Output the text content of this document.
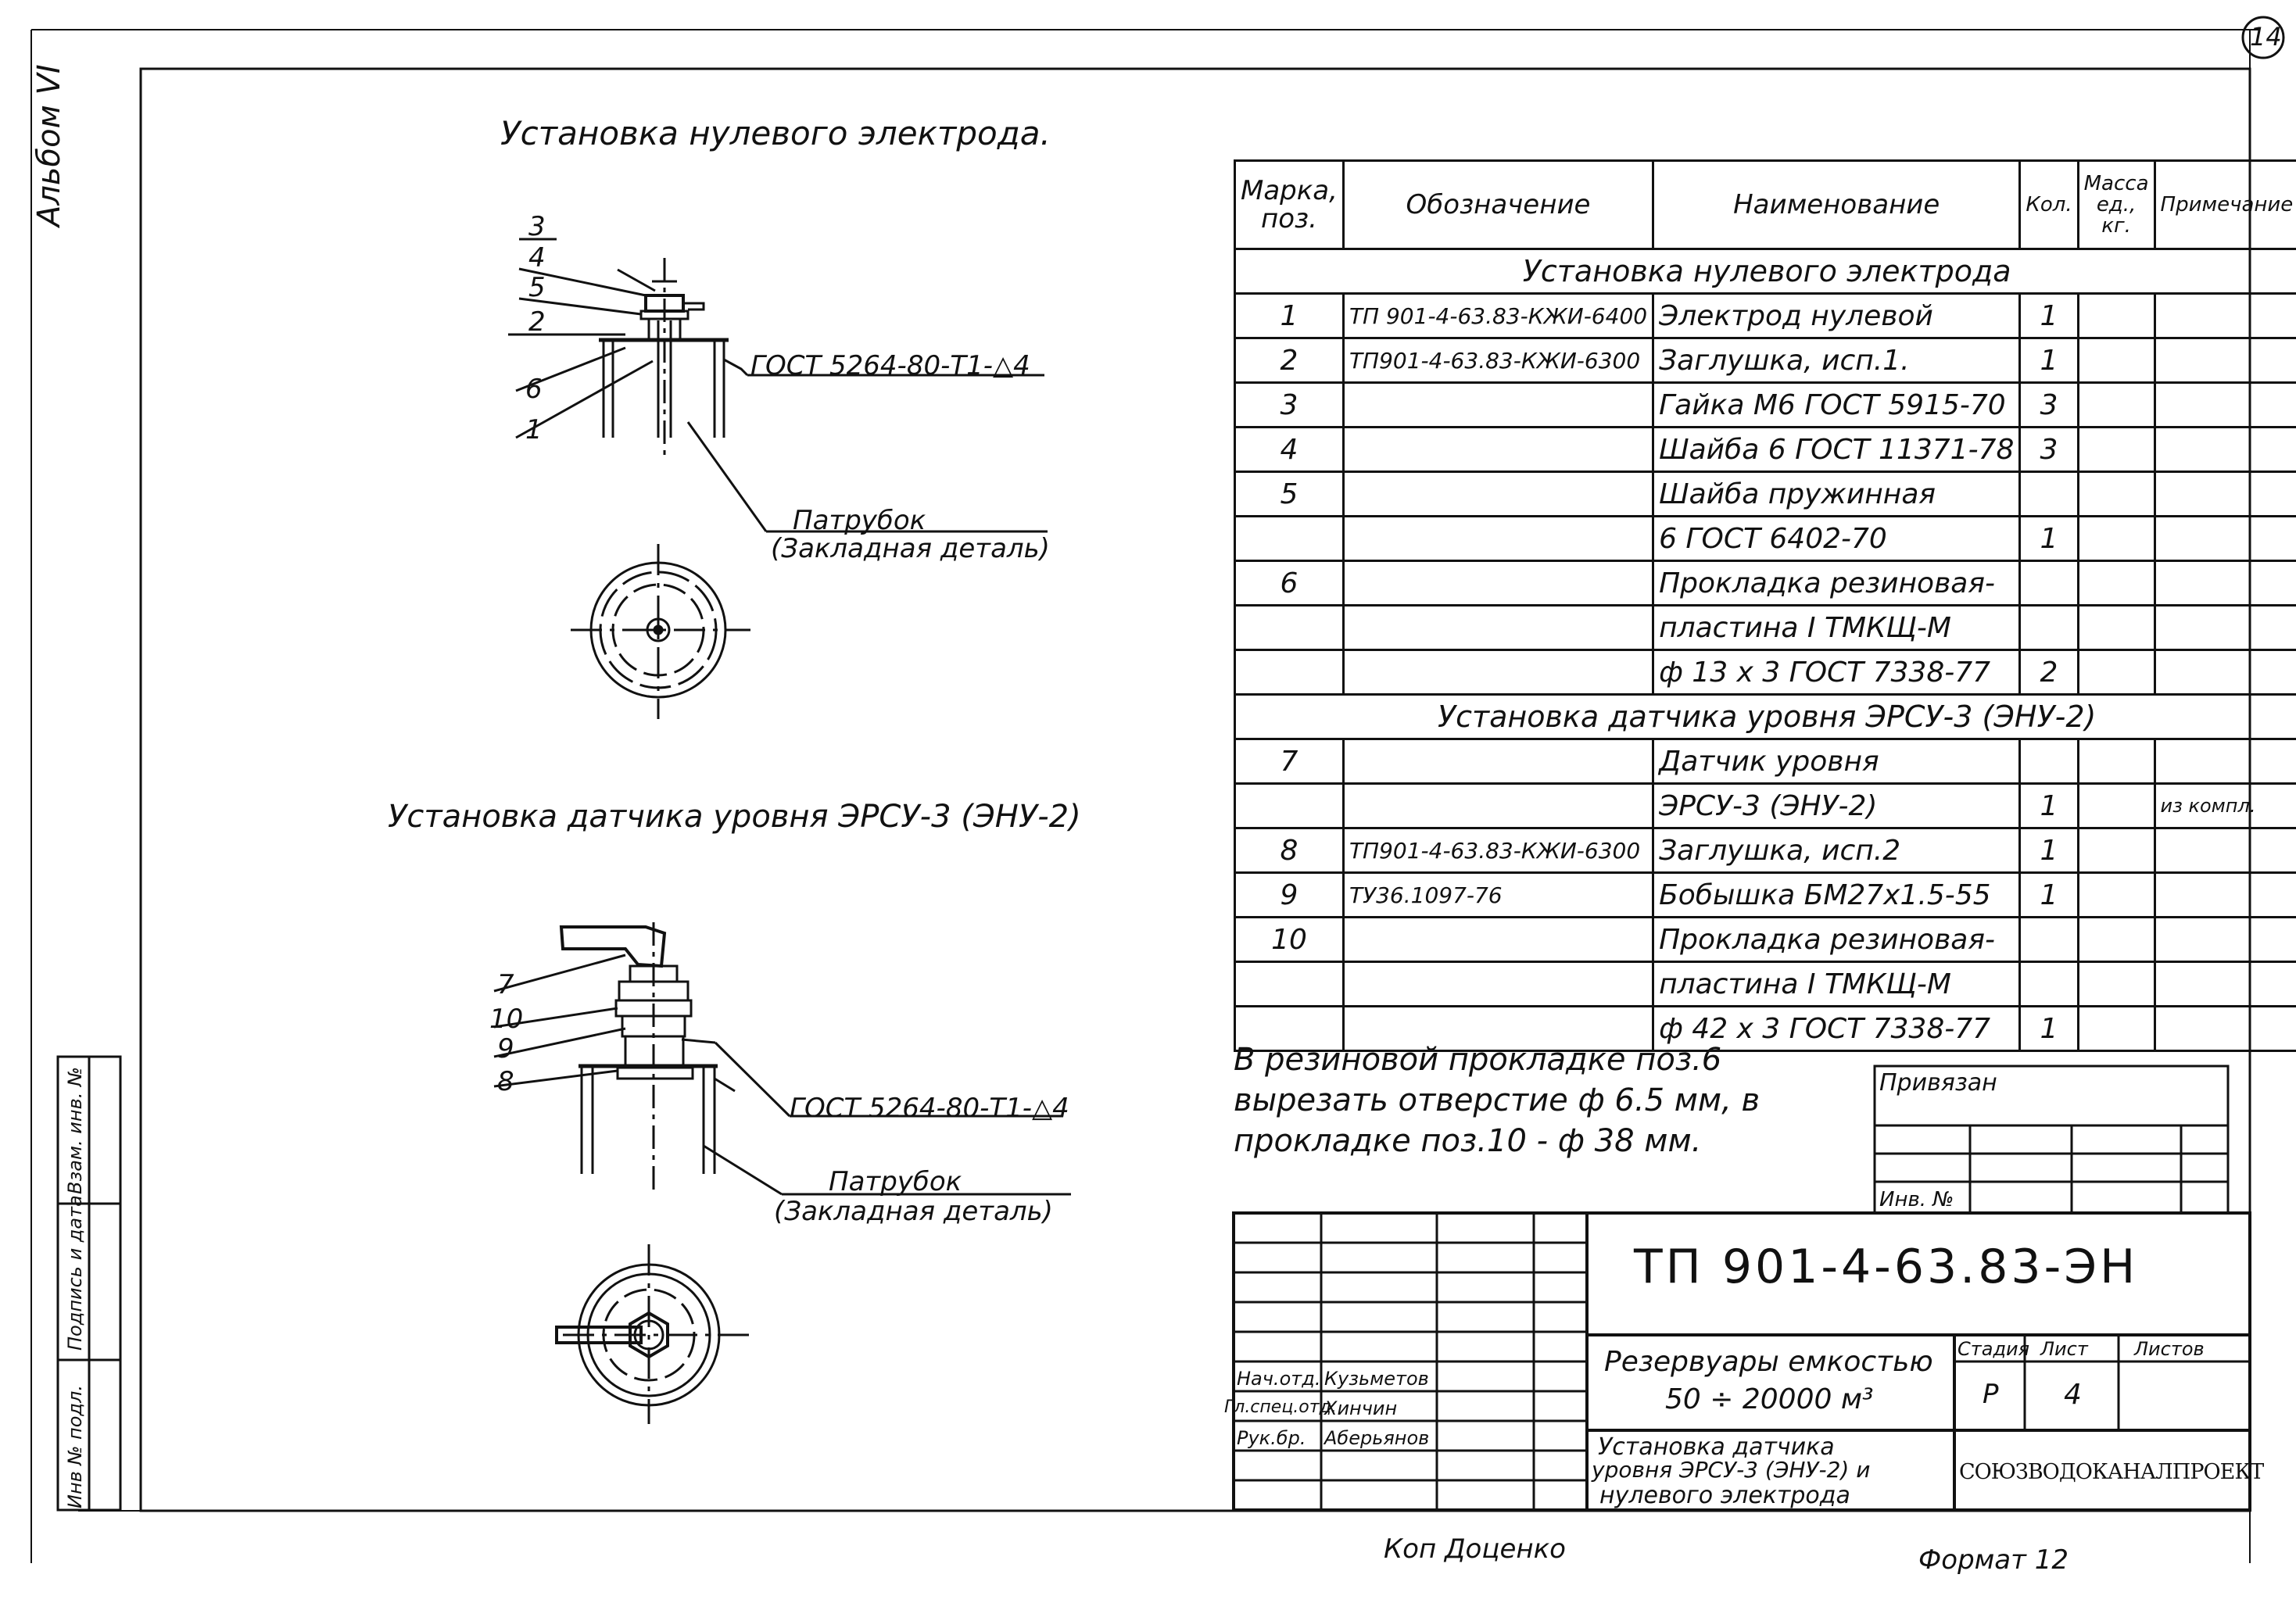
14
Альбом VI
Инв № подл.
Подпись и дата
Взам. инв. №
Установка нулевого электрода.
3
4
5
2
6
1
ГОСТ 5264-80-Т1-△4
Патрубок
(Закладная деталь)
Установка датчика уровня ЭРСУ-3 (ЭНУ-2)
7
10
9
8
ГОСТ 5264-80-Т1-△4
Патрубок
(Закладная деталь)
Марка, поз.	Обозначение	Наименование	Кол.	Масса ед., кг.	Примечание
Установка нулевого электрода					
1	ТП 901-4-63.83-КЖИ-6400	Электрод нулевой	1		
2	ТП901-4-63.83-КЖИ-6300	Заглушка, исп.1.	1		
3		Гайка М6 ГОСТ 5915-70	3		
4		Шайба 6 ГОСТ 11371-78	3		
5		Шайба пружинная			
		6 ГОСТ 6402-70	1		
6		Прокладка резиновая-			
		пластина I ТМКЩ-М			
		ф 13 х 3 ГОСТ 7338-77	2		
Установка датчика уровня ЭРСУ-3 (ЭНУ-2)					
7		Датчик уровня			
		ЭРСУ-3 (ЭНУ-2)	1		из компл.
8	ТП901-4-63.83-КЖИ-6300	Заглушка, исп.2	1		
9	ТУ36.1097-76	Бобышка БМ27х1.5-55	1		
10		Прокладка резиновая-			
		пластина I ТМКЩ-М			
		ф 42 х 3 ГОСТ 7338-77	1		
В резиновой прокладке поз.6
вырезать отверстие ф 6.5 мм, в
прокладке поз.10 - ф 38 мм.
Привязан
Инв. №
ТП 901-4-63.83-ЭН
Резервуары емкостью
50 ÷ 20000 м³
Установка датчика
уровня ЭРСУ-3 (ЭНУ-2) и
нулевого электрода
Стадия Лист Листов
Р 4
СОЮЗВОДОКАНАЛПРОЕКТ
Нач.отд. Кузьметов
Гл.спец.отд.
Хинчин
Рук.бр. Аберьянов
Коп Доценко	Формат 12
